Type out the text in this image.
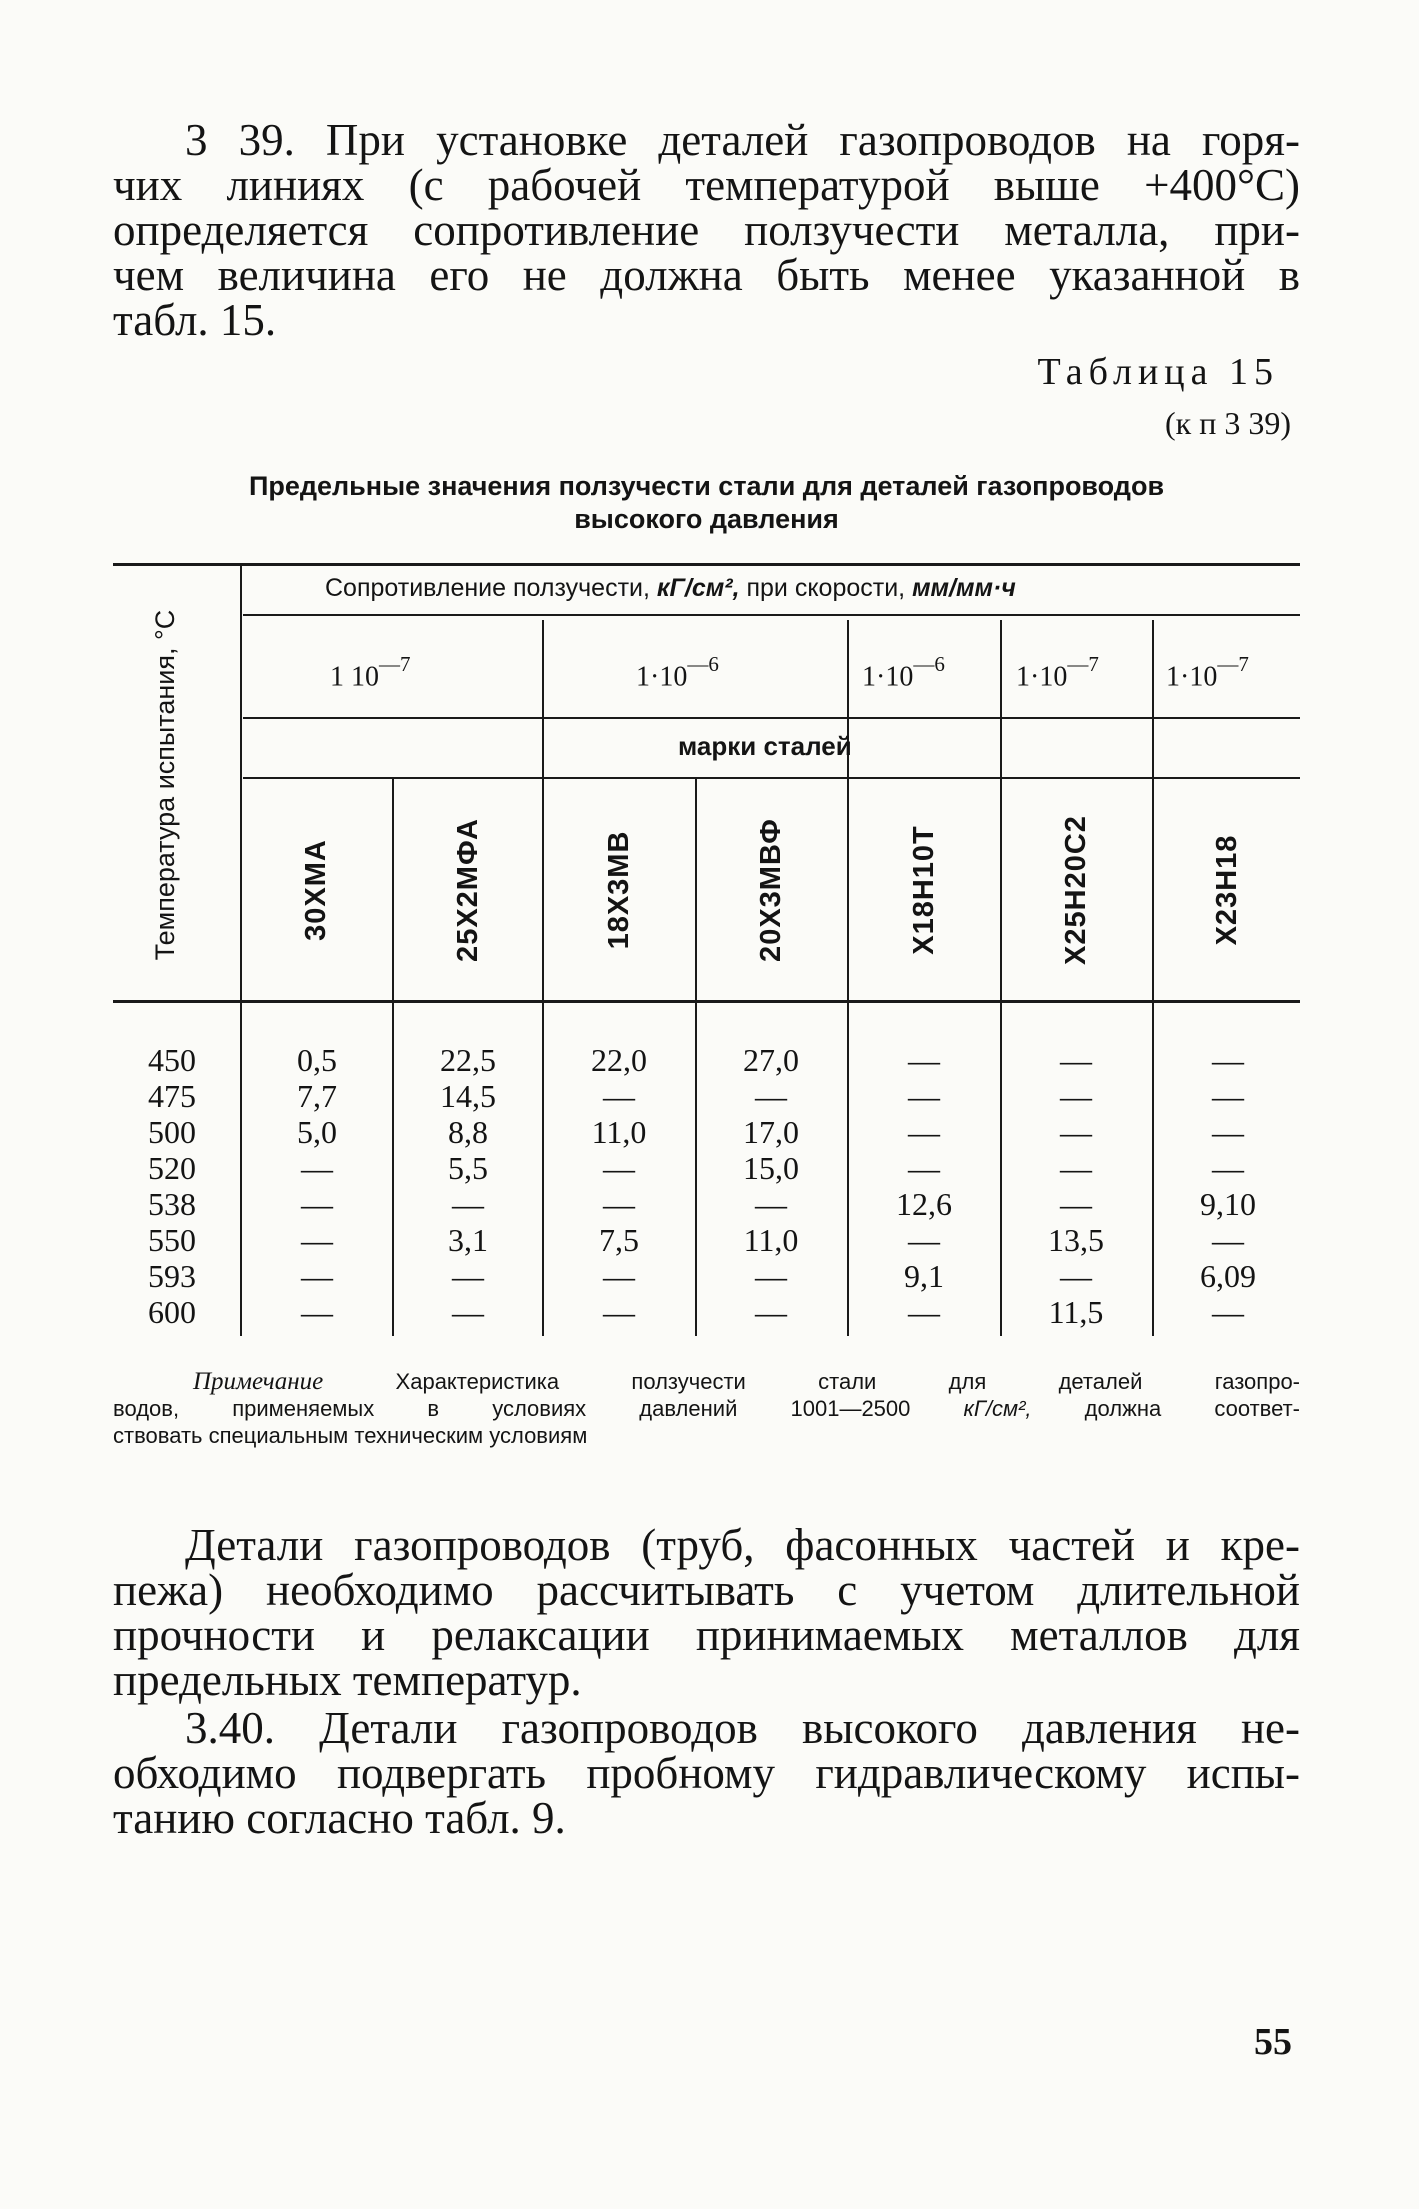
3 39. При установке деталей газопроводов на горя-
чих линиях (с рабочей температурой выше +400°С)
определяется сопротивление ползучести металла, при-
чем величина его не должна быть менее указанной в
табл. 15.
Таблица 15
(к п 3 39)
Предельные значения ползучести стали для деталей газопроводов
высокого давления
Температура испытания, °С
Сопротивление ползучести, кГ/см², при скорости, мм/мм·ч
1 $10^{—7}$	$1\cdot 10^{—6}$	$1\cdot 10^{—6}$	$1\cdot 10^{—7}$ $1\cdot 10^{—7}$
марки сталей
30ХМА	25Х2МФА	18Х3МВ	20Х3МВФ	Х18Н10Т	Х25Н20С2	Х23Н18
450	0,5	22,5	22,0	27,0	—	—	—
475	7,7	14,5	—	—	—	—	—
500	5,0	8,8	11,0	17,0	—	—	—
520	—	5,5	—	15,0	—	—	—
538	—	—	—	—	12,6	—	9,10
550	—	3,1	7,5	11,0	—	13,5	—
593	—	—	—	—	9,1	—	6,09
600	—	—	—	—	—	11,5	—
Примечание	Характеристика ползучести стали для деталей газопро-
водов, применяемых в условиях давлений 1001—2500 кГ/см², должна соответ-
ствовать специальным техническим условиям
Детали газопроводов (труб, фасонных частей и кре-
пежа) необходимо рассчитывать с учетом длительной
прочности и релаксации принимаемых металлов для
предельных температур.
3.40. Детали газопроводов высокого давления не-
обходимо подвергать пробному гидравлическому испы-
танию согласно табл. 9.
55
